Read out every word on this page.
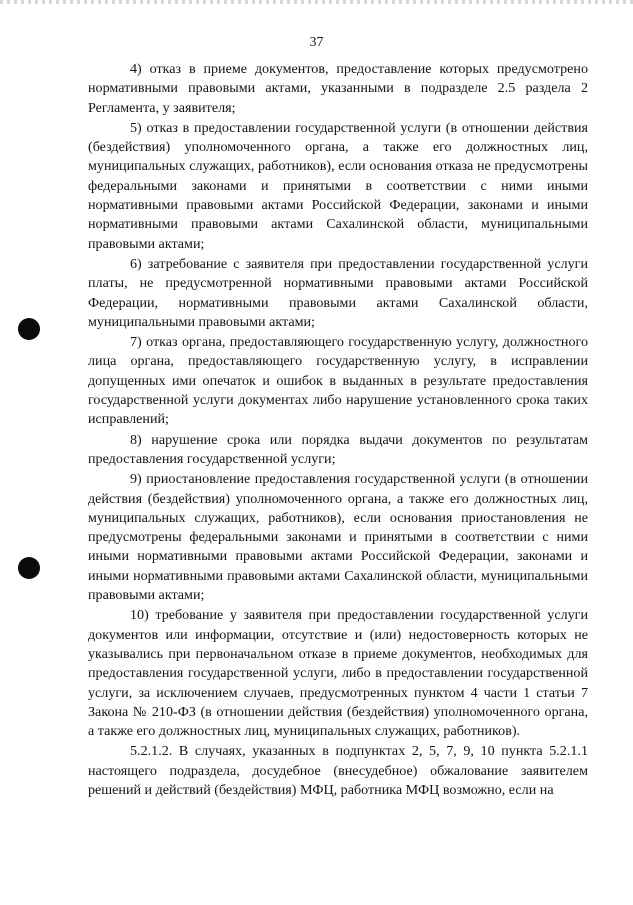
37

4) отказ в приеме документов, предоставление которых предусмотрено нормативными правовыми актами, указанными в подразделе 2.5 раздела 2 Регламента, у заявителя;

5) отказ в предоставлении государственной услуги (в отношении действия (бездействия) уполномоченного органа, а также его должностных лиц, муниципальных служащих, работников), если основания отказа не предусмотрены федеральными законами и принятыми в соответствии с ними иными нормативными правовыми актами Российской Федерации, законами и иными нормативными правовыми актами Сахалинской области, муниципальными правовыми актами;

6) затребование с заявителя при предоставлении государственной услуги платы, не предусмотренной нормативными правовыми актами Российской Федерации, нормативными правовыми актами Сахалинской области, муниципальными правовыми актами;

7) отказ органа, предоставляющего государственную услугу, должностного лица органа, предоставляющего государственную услугу, в исправлении допущенных ими опечаток и ошибок в выданных в результате предоставления государственной услуги документах либо нарушение установленного срока таких исправлений;

8) нарушение срока или порядка выдачи документов по результатам предоставления государственной услуги;

9) приостановление предоставления государственной услуги (в отношении действия (бездействия) уполномоченного органа, а также его должностных лиц, муниципальных служащих, работников), если основания приостановления не предусмотрены федеральными законами и принятыми в соответствии с ними иными нормативными правовыми актами Российской Федерации, законами и иными нормативными правовыми актами Сахалинской области, муниципальными правовыми актами;

10) требование у заявителя при предоставлении государственной услуги документов или информации, отсутствие и (или) недостоверность которых не указывались при первоначальном отказе в приеме документов, необходимых для предоставления государственной услуги, либо в предоставлении государственной услуги, за исключением случаев, предусмотренных пунктом 4 части 1 статьи 7 Закона № 210-ФЗ (в отношении действия (бездействия) уполномоченного органа, а также его должностных лиц, муниципальных служащих, работников).

5.2.1.2. В случаях, указанных в подпунктах 2, 5, 7, 9, 10 пункта 5.2.1.1 настоящего подраздела, досудебное (внесудебное) обжалование заявителем решений и действий (бездействия) МФЦ, работника МФЦ возможно, если на
